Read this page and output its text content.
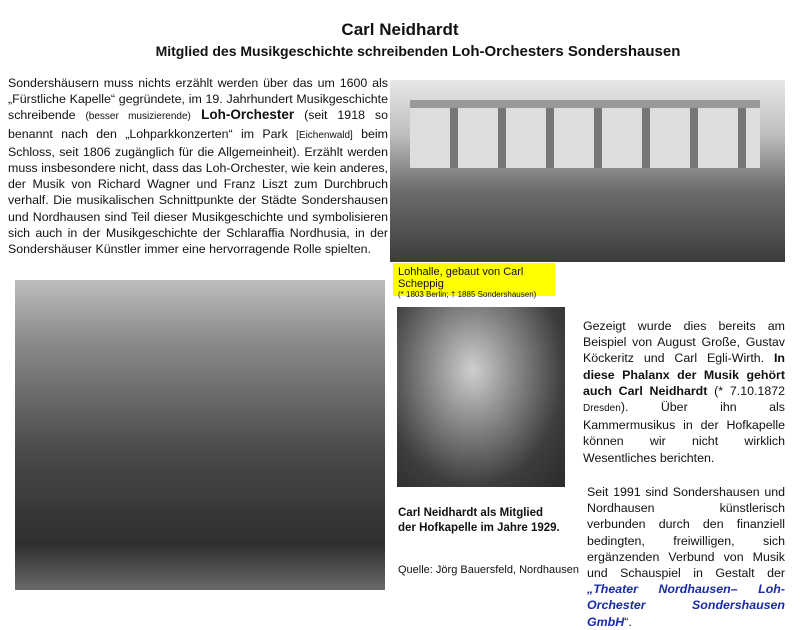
Carl Neidhardt
Mitglied des Musikgeschichte schreibenden Loh-Orchesters Sondershausen
Sondershäusern muss nichts erzählt werden über das um 1600 als „Fürstliche Kapelle“ gegründete, im 19. Jahrhundert Musikgeschichte schreibende (besser musizierende) Loh-Orchester (seit 1918 so benannt nach den „Lohparkkonzerten“ im Park [Eichenwald] beim Schloss, seit 1806 zugänglich für die Allgemeinheit). Erzählt werden muss insbesondere nicht, dass das Loh-Orchester, wie kein anderes, der Musik von Richard Wagner und Franz Liszt zum Durchbruch verhalf. Die musikalischen Schnittpunkte der Städte Sondershausen und Nordhausen sind Teil dieser Musikgeschichte und symbolisieren sich auch in der Musikgeschichte der Schlaraffia Nordhusia, in der Sondershäuser Künstler immer eine hervorragende Rolle spielten.
Lohhalle, gebaut von Carl Scheppig
(* 1803 Berlin; † 1885 Sondershausen)
Carl Neidhardt als Mitglied
der Hofkapelle im Jahre 1929.
Quelle: Jörg Bauersfeld, Nordhausen
Gezeigt wurde dies bereits am Beispiel von August Große, Gustav Köckeritz und Carl Egli-Wirth. In diese Phalanx der Musik gehört auch Carl Neidhardt (* 7.10.1872 Dresden). Über ihn als Kammermusikus in der Hofkapelle können wir nicht wirklich Wesentliches berichten.
Seit 1991 sind Sondershausen und Nordhausen künstlerisch verbunden durch den finanziell bedingten, freiwilligen, sich ergänzenden Verbund von Musik und Schauspiel in Gestalt der „Theater Nordhausen– Loh-Orchester Sondershausen GmbH“.
